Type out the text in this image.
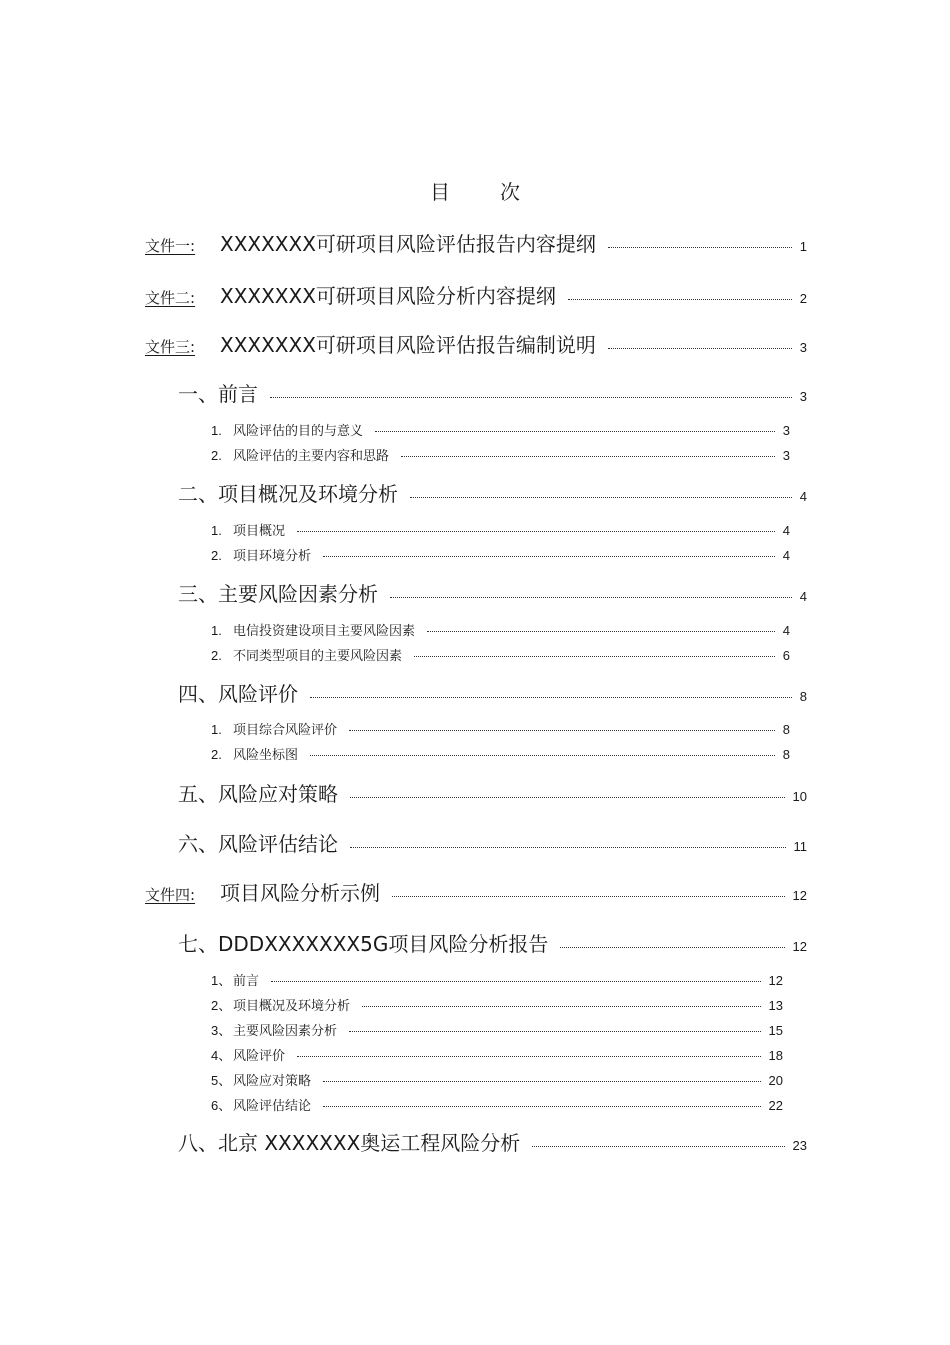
目次
文件一:	XXXXXXX可研项目风险评估报告内容提纲	1
文件二:	XXXXXXX可研项目风险分析内容提纲	2
文件三:	XXXXXXX可研项目风险评估报告编制说明	3
一、前言	3
1. 风险评估的目的与意义	3
2. 风险评估的主要内容和思路	3
二、项目概况及环境分析	4
1. 项目概况	4
2. 项目环境分析	4
三、主要风险因素分析	4
1. 电信投资建设项目主要风险因素	4
2. 不同类型项目的主要风险因素	6
四、风险评价	8
1. 项目综合风险评价	8
2. 风险坐标图	8
五、风险应对策略	10
六、风险评估结论	11
文件四:	项目风险分析示例	12
七、DDDXXXXXXX5G项目风险分析报告	12
1、 前言	12
2、 项目概况及环境分析	13
3、 主要风险因素分析	15
4、 风险评价	18
5、 风险应对策略	20
6、 风险评估结论	22
八、北京 XXXXXXX奥运工程风险分析	23
